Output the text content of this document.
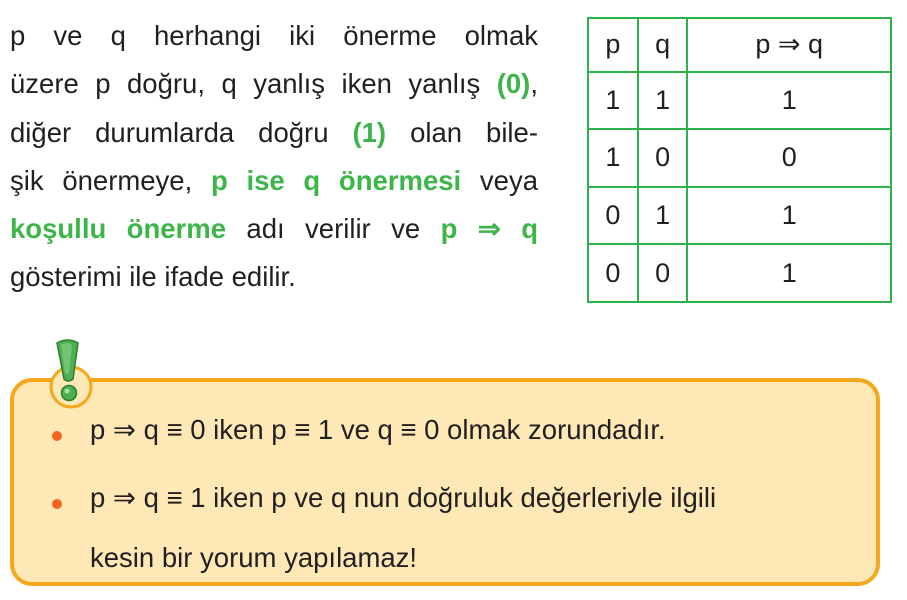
p ve q herhangi iki önerme olmak
üzere p doğru, q yanlış iken yanlış (0),
diğer durumlarda doğru (1) olan bile-
şik önermeye, p ise q önermesi veya
koşullu önerme adı verilir ve p ⇒ q
gösterimi ile ifade edilir.
p	q	p ⇒ q
1	1	1
1	0	0
0	1	1
0	0	1
p ⇒ q ≡ 0 iken p ≡ 1 ve q ≡ 0 olmak zorundadır.
p ⇒ q ≡ 1 iken p ve q nun doğruluk değerleriyle ilgili
kesin bir yorum yapılamaz!
